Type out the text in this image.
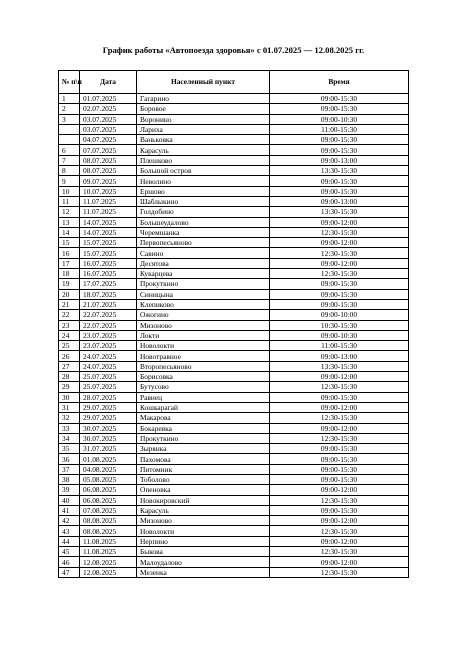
График работы «Автопоезда здоровья» с 01.07.2025 — 12.08.2025 гг.
№ п\п	Дата	Населенный пункт	Время
1	01.07.2025	Гагарино	09:00-15:30
2	02.07.2025	Боровое	09:00-15:30
3	03.07.2025	Воронино	09:00-10:30
	03.07.2025	Лариха	11:00-15:30
	04.07.2025	Ваньковка	09:00-15:30
6	07.07.2025	Карасуль	09:00-15:30
7	08.07.2025	Плешково	09:00-13:00
8	08.07.2025	Большой остров	13:30-15:30
9	09.07.2025	Неволино	09:00-15:30
10	10.07.2025	Ершово	09:00-15:30
11	11.07.2025	Шаблыкино	09:00-13:00
12	11.07.2025	Голдобино	13:30-15:30
13	14.07.2025	Большеудалово	09:00-12:00
14	14.07.2025	Черемшанка	12:30-15:30
15	15.07.2025	Первопесьяново	09:00-12:00
16	15.07.2025	Савино	12:30-15:30
17	16.07.2025	Десятова	09:00-12:00
18	16.07.2025	Кукарцева	12:30-15:30
19	17.07.2025	Прокуткино	09:00-15:30
20	18.07.2025	Синицына	09:00-15:30
21	21.07.2025	Клепиково	09:00-15:30
22	22.07.2025	Ожогино	09:00-10:00
23	22.07.2025	Мизоново	10:30-15:30
24	23.07.2025	Локти	09:00-10:30
25	23.07.2025	Новолокти	11:00-15:30
26	24.07.2025	Новотравное	09:00-13:00
27	24.07.2025	Второпесьяново	13:30-15:30
28	25.07.2025	Борисовка	09:00-12:00
29	25.07.2025	Бутусово	12:30-15:30
30	28.07.2025	Равнец	09:00-15:30
31	29.07.2025	Кошкарагай	09:00-12:00
32	29.07.2025	Макарова	12:30-15:30
33	30.07.2025	Бокаревка	09:00-12:00
34	30.07.2025	Прокуткино	12:30-15:30
35	31.07.2025	Зырянка	09:00-15:30
36	01.08.2025	Пахомова	09:00-15:30
37	04.08.2025	Питомник	09:00-15:30
38	05.08.2025	Тоболово	09:00-15:30
39	06.08.2025	Опеновка	09:00-12:00
40	06.08.2025	Новокировский	12:30-15:30
41	07.08.2025	Карасуль	09:00-15:30
42	08.08.2025	Мизоново	09:00-12:00
43	08.08.2025	Новолокти	12:30-15:30
44	11.08.2025	Нерпино	09:00-12:00
45	11.08.2025	Быкова	12:30-15:30
46	12.08.2025	Малоудалово	09:00-12:00
47	12.08.2025	Мезенка	12:30-15:30
